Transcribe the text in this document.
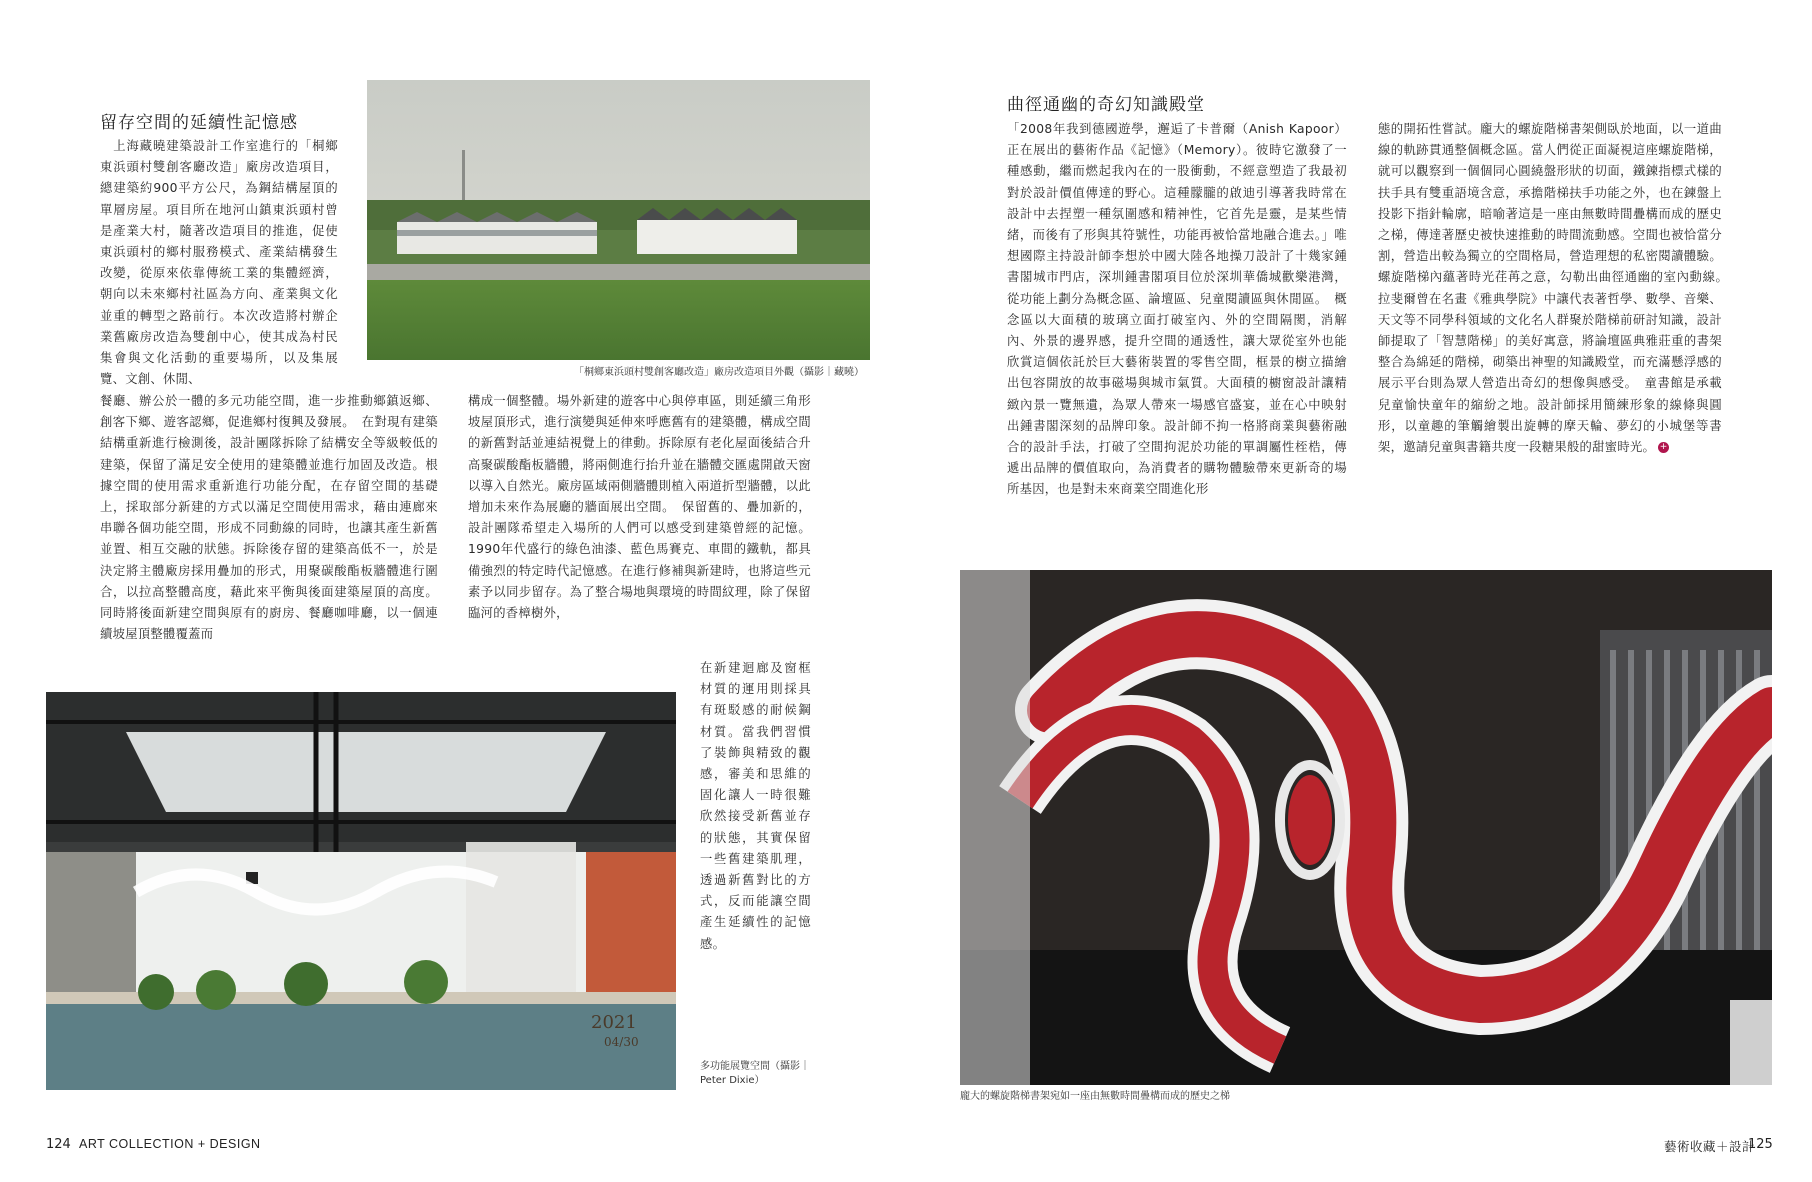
留存空間的延續性記憶感
　上海藏曉建築設計工作室進行的「桐鄉東浜頭村雙創客廳改造」廠房改造項目，總建築約900平方公尺，為鋼結構屋頂的單層房屋。項目所在地河山鎮東浜頭村曾是產業大村，隨著改造項目的推進，促使東浜頭村的鄉村服務模式、產業結構發生改變，從原來依靠傳統工業的集體經濟，朝向以未來鄉村社區為方向、產業與文化並重的轉型之路前行。本次改造將村辦企業舊廠房改造為雙創中心，使其成為村民集會與文化活動的重要場所，以及集展覽、文創、休閒、
餐廳、辦公於一體的多元功能空間，進一步推動鄉鎮返鄉、創客下鄉、遊客認鄉，促進鄉村復興及發展。　在對現有建築結構重新進行檢測後，設計團隊拆除了結構安全等級較低的建築，保留了滿足安全使用的建築體並進行加固及改造。根據空間的使用需求重新進行功能分配，在存留空間的基礎上，採取部分新建的方式以滿足空間使用需求，藉由連廊來串聯各個功能空間，形成不同動線的同時，也讓其產生新舊並置、相互交融的狀態。拆除後存留的建築高低不一，於是決定將主體廠房採用疊加的形式，用聚碳酸酯板牆體進行圍合，以拉高整體高度，藉此來平衡與後面建築屋頂的高度。同時將後面新建空間與原有的廚房、餐廳咖啡廳，以一個連續坡屋頂整體覆蓋而
構成一個整體。場外新建的遊客中心與停車區，則延續三角形坡屋頂形式，進行演變與延伸來呼應舊有的建築體，構成空間的新舊對話並連結視覺上的律動。拆除原有老化屋面後結合升高聚碳酸酯板牆體，將兩側進行抬升並在牆體交匯處開啟天窗以導入自然光。廠房區域兩側牆體則植入兩道折型牆體，以此增加未來作為展廳的牆面展出空間。　保留舊的、疊加新的，設計團隊希望走入場所的人們可以感受到建築曾經的記憶。1990年代盛行的綠色油漆、藍色馬賽克、車間的鐵軌，都具備強烈的特定時代記憶感。在進行修補與新建時，也將這些元素予以同步留存。為了整合場地與環境的時間紋理，除了保留臨河的香樟樹外，
在新建迴廊及窗框材質的運用則採具有斑駁感的耐候鋼材質。當我們習慣了裝飾與精致的觀感，審美和思維的固化讓人一時很難欣然接受新舊並存的狀態，其實保留一些舊建築肌理，透過新舊對比的方式，反而能讓空間產生延續性的記憶感。
「桐鄉東浜頭村雙創客廳改造」廠房改造項目外觀（攝影｜藏曉）
2021
04/30
多功能展覽空間（攝影｜Peter Dixie）
124 ART COLLECTION + DESIGN
曲徑通幽的奇幻知識殿堂
「2008年我到德國遊學，邂逅了卡普爾（Anish Kapoor）正在展出的藝術作品《記憶》（Memory）。彼時它激發了一種感動，繼而燃起我內在的一股衝動，不經意塑造了我最初對於設計價值傳達的野心。這種朦朧的啟迪引導著我時常在設計中去捏塑一種氛圍感和精神性，它首先是靈，是某些情緒，而後有了形與其符號性，功能再被恰當地融合進去。」唯想國際主持設計師李想於中國大陸各地操刀設計了十幾家鍾書閣城市門店，深圳鍾書閣項目位於深圳華僑城歡樂港灣，從功能上劃分為概念區、論壇區、兒童閱讀區與休閒區。　概念區以大面積的玻璃立面打破室內、外的空間隔閡，消解內、外景的邊界感，提升空間的通透性，讓大眾從室外也能欣賞這個依託於巨大藝術裝置的零售空間，框景的樹立描繪出包容開放的故事磁場與城市氣質。大面積的櫥窗設計讓精緻內景一覽無遺，為眾人帶來一場感官盛宴，並在心中映射出鍾書閣深刻的品牌印象。設計師不拘一格將商業與藝術融合的設計手法，打破了空間拘泥於功能的單調屬性桎梏，傳遞出品牌的價值取向，為消費者的購物體驗帶來更新奇的場所基因，也是對未來商業空間進化形
態的開拓性嘗試。龐大的螺旋階梯書架側臥於地面，以一道曲線的軌跡貫通整個概念區。當人們從正面凝視這座螺旋階梯，就可以觀察到一個個同心圓繞盤形狀的切面，鐵鍊指標式樣的扶手具有雙重語境含意，承擔階梯扶手功能之外，也在鍊盤上投影下指針輪廓，暗喻著這是一座由無數時間疊構而成的歷史之梯，傳達著歷史被快速推動的時間流動感。空間也被恰當分割，營造出較為獨立的空間格局，營造理想的私密閱讀體驗。螺旋階梯內蘊著時光荏苒之意，勾勒出曲徑通幽的室內動線。　拉斐爾曾在名畫《雅典學院》中讓代表著哲學、數學、音樂、天文等不同學科領域的文化名人群聚於階梯前研討知識，設計師提取了「智慧階梯」的美好寓意，將論壇區典雅莊重的書架整合為綿延的階梯，砌築出神聖的知識殿堂，而充滿懸浮感的展示平台則為眾人營造出奇幻的想像與感受。　童書館是承載兒童愉快童年的縮紛之地。設計師採用簡練形象的線條與圓形，以童趣的筆觸繪製出旋轉的摩天輪、夢幻的小城堡等書架，邀請兒童與書籍共度一段糖果般的甜蜜時光。 +
龐大的螺旋階梯書架宛如一座由無數時間疊構而成的歷史之梯
藝術收藏＋設計
125
